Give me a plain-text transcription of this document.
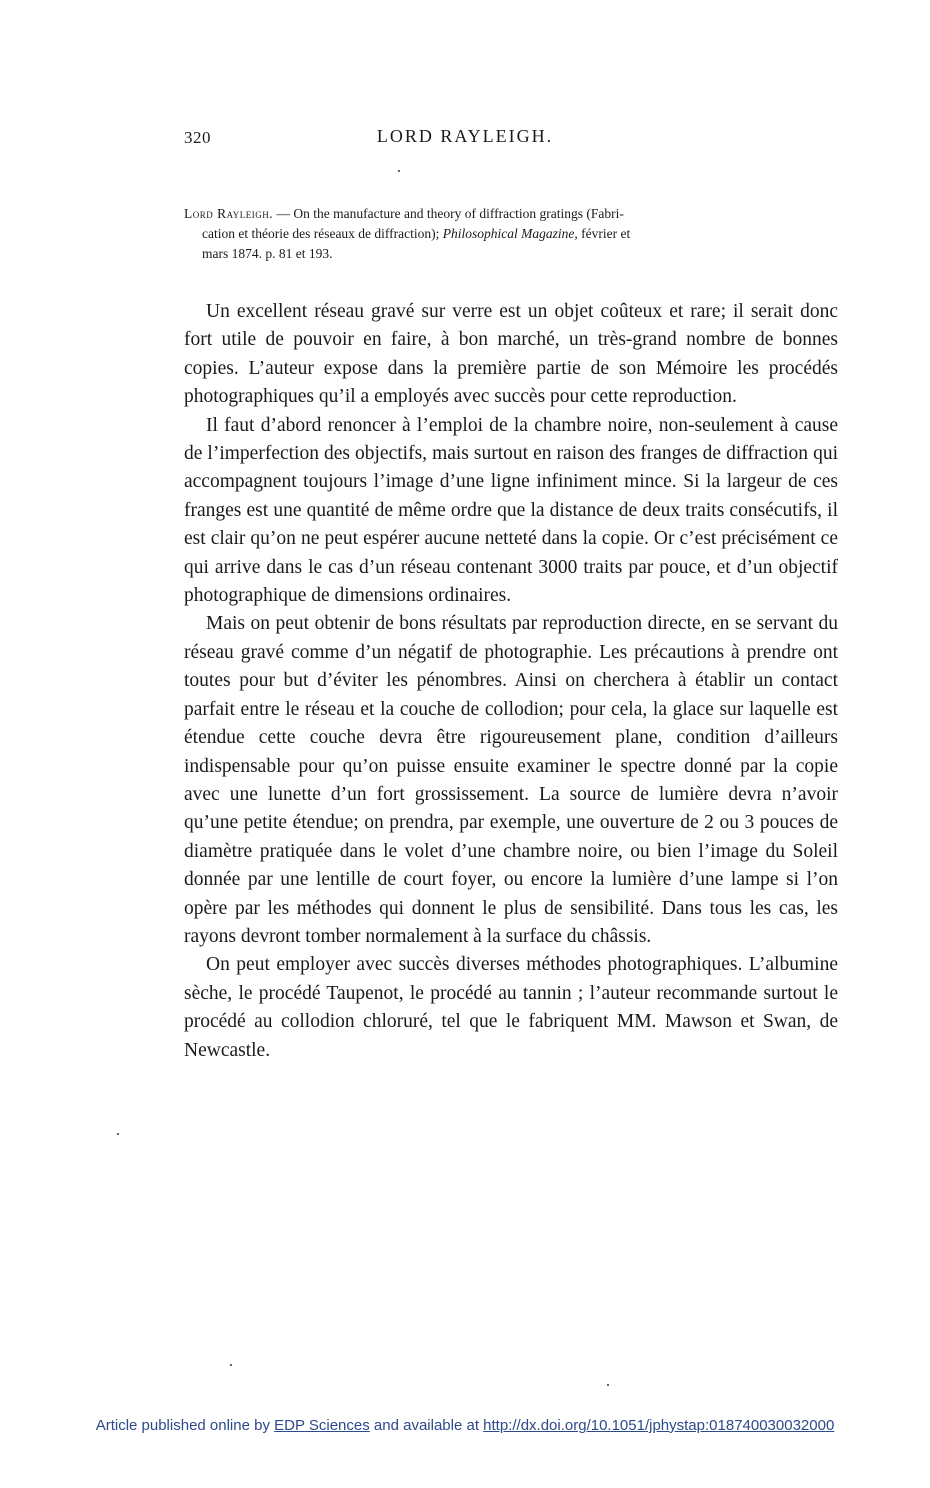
320	LORD RAYLEIGH.
Lord Rayleigh. — On the manufacture and theory of diffraction gratings (Fabri-
cation et théorie des réseaux de diffraction); Philosophical Magazine, février et
mars 1874. p. 81 et 193.

Un excellent réseau gravé sur verre est un objet coûteux et rare; il serait donc fort utile de pouvoir en faire, à bon marché, un très-grand nombre de bonnes copies. L’auteur expose dans la première partie de son Mémoire les procédés photographiques qu’il a employés avec succès pour cette reproduction.

Il faut d’abord renoncer à l’emploi de la chambre noire, non-seulement à cause de l’imperfection des objectifs, mais surtout en raison des franges de diffraction qui accompagnent toujours l’image d’une ligne infiniment mince. Si la largeur de ces franges est une quantité de même ordre que la distance de deux traits consécutifs, il est clair qu’on ne peut espérer aucune netteté dans la copie. Or c’est précisément ce qui arrive dans le cas d’un réseau contenant 3000 traits par pouce, et d’un objectif photographique de dimensions ordinaires.

Mais on peut obtenir de bons résultats par reproduction directe, en se servant du réseau gravé comme d’un négatif de photographie. Les précautions à prendre ont toutes pour but d’éviter les pénombres. Ainsi on cherchera à établir un contact parfait entre le réseau et la couche de collodion; pour cela, la glace sur laquelle est étendue cette couche devra être rigoureusement plane, condition d’ailleurs indispensable pour qu’on puisse ensuite examiner le spectre donné par la copie avec une lunette d’un fort grossissement. La source de lumière devra n’avoir qu’une petite étendue; on prendra, par exemple, une ouverture de 2 ou 3 pouces de diamètre pratiquée dans le volet d’une chambre noire, ou bien l’image du Soleil donnée par une lentille de court foyer, ou encore la lumière d’une lampe si l’on opère par les méthodes qui donnent le plus de sensibilité. Dans tous les cas, les rayons devront tomber normalement à la surface du châssis.

On peut employer avec succès diverses méthodes photographiques. L’albumine sèche, le procédé Taupenot, le procédé au tannin ; l’auteur recommande surtout le procédé au collodion chloruré, tel que le fabriquent MM. Mawson et Swan, de Newcastle.

Article published online by EDP Sciences and available at http://dx.doi.org/10.1051/jphystap:018740030032000
